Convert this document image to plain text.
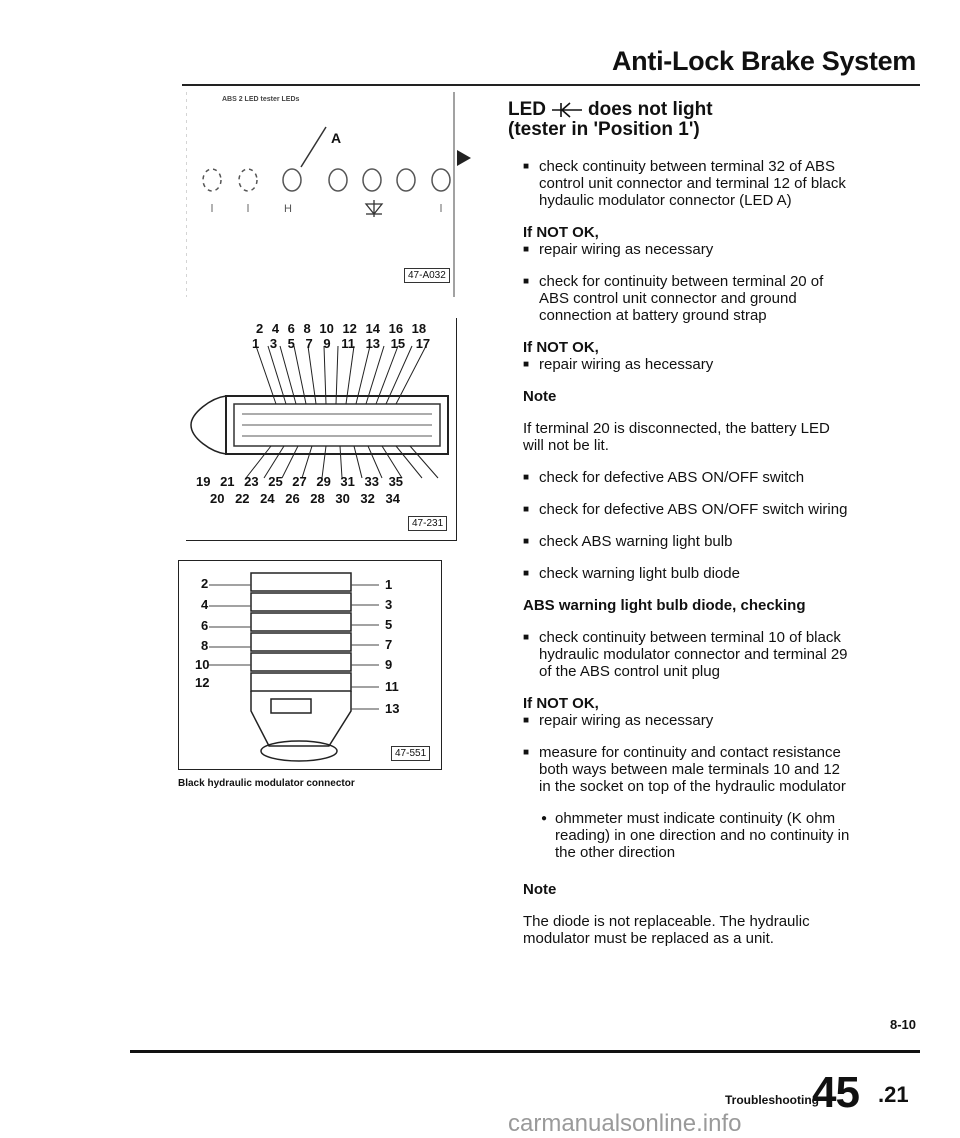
Anti-Lock Brake System
H
ABS 2 LED tester LEDs
A
47-A032
2 4 6 8 10 12 14 16 18
1 3 5 7 9 11 13 15 17
19 21 23 25 27 29 31 33 35
20 22 24 26 28 30 32 34
47-231
2
4
6
8
10
12
1
3
5
7
9
11
13
47-551
Black hydraulic modulator connector
LED does not light
(tester in 'Position 1')

■ check continuity between terminal 32 of ABS control unit connector and terminal 12 of black hydaulic modulator connector (LED A)

If NOT OK,

■ repair wiring as necessary

■ check for continuity between terminal 20 of ABS control unit connector and ground connection at battery ground strap

If NOT OK,

■ repair wiring as hecessary

Note

If terminal 20 is disconnected, the battery LED will not be lit.

■ check for defective ABS ON/OFF switch

■ check for defective ABS ON/OFF switch wiring

■ check ABS warning light bulb

■ check warning light bulb diode

ABS warning light bulb diode, checking

■ check continuity between terminal 10 of black hydraulic modulator connector and terminal 29 of the ABS control unit plug

If NOT OK,

■ repair wiring as necessary

■ measure for continuity and contact resistance both ways between male terminals 10 and 12 in the socket on top of the hydraulic modulator

● ohmmeter must indicate continuity (K ohm reading) in one direction and no continuity in the other direction

Note

The diode is not replaceable. The hydraulic modulator must be replaced as a unit.

8-10
Troubleshooting
45 .21
carmanualsonline.info
